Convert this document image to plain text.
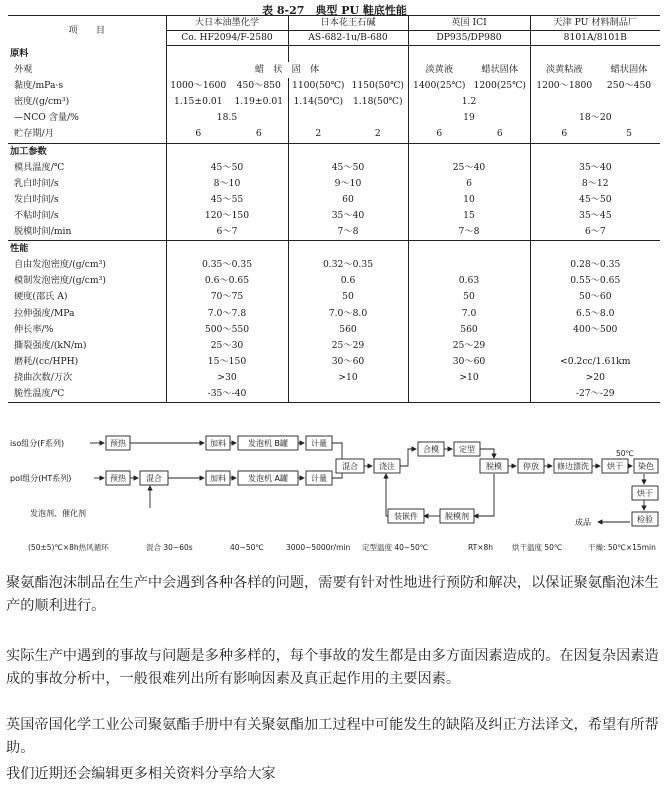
表 8-27　典型 PU 鞋底性能
项　　目	大日本油墨化学		日本花王石碱		英国 ICI		天津 PU 材料制品厂	
	Co. HF2094/F-2580		AS-682-1u/B-680		DP935/DP980		8101A/8101B	
原料								
外观	蜡　状　固　体				淡黄液	蜡状固体	淡黄粘液	蜡状固体
黏度/mPa·s	1000～1600	450～850	1100(50℃)	1150(50℃)	1400(25℃)	1200(25℃)	1200～1800	250～450
密度/(g/cm³)	1.15±0.01	1.19±0.01	1.14(50℃)	1.18(50℃)	1.2			
—NCO 含量/%	18.5				19		18～20	
贮存期/月	6	6	2	2	6	6	6	5
加工参数								
模具温度/℃	45～50		45～50		25～40		35～40	
乳白时间/s	8～10		9～10		6		8～12	
发白时间/s	45～55		60		10		45～50	
不粘时间/s	120～150		35～40		15		35～45	
脱模时间/min	6～7		7～8		7～8		6～7	
性能								
自由发泡密度/(g/cm³)	0.35～0.35		0.32～0.35				0.28～0.35	
模制发泡密度/(g/cm³)	0.6～0.65		0.6		0.63		0.55～0.65	
硬度(邵氏 A)	70～75		50		50		50～60	
拉伸强度/MPa	7.0～7.8		7.0～8.0		7.0		6.5～8.0	
伸长率/%	500～550		560		560		400～500	
撕裂强度/(kN/m)	25～30		25～29		25～29			
磨耗/(cc/HPH)	15～150		30～60		30～60		<0.2cc/1.61km	
挠曲次数/万次	>30		>10		>10		>20	
脆性温度/℃	-35～-40						-27～-29	
iso组分(F系列)
pol组分(HT系列)
发泡剂、催化剂
预热	加料	发泡机 B罐	计量
预热	混合	加料	发泡机 A罐	计量
混合	浇注
合模	定型
脱模	停放 修边漂洗 烘干 染色
烘干
检验
装嵌件	脱模剂
成品
(50±5)℃×8h热风循环	混合 30~60s	40~50℃	3000~5000r/min 定型温度 40~50℃	RT×8h	烘干温度 50℃	干燥: 50℃×15min
50℃
聚氨酯泡沫制品在生产中会遇到各种各样的问题，需要有针对性地进行预防和解决，以保证聚氨酯泡沫生产的顺利进行。
实际生产中遇到的事故与问题是多种多样的，每个事故的发生都是由多方面因素造成的。在因复杂因素造成的事故分析中，一般很难列出所有影响因素及真正起作用的主要因素。
英国帝国化学工业公司聚氨酯手册中有关聚氨酯加工过程中可能发生的缺陷及纠正方法译文，希望有所帮助。
我们近期还会编辑更多相关资料分享给大家
